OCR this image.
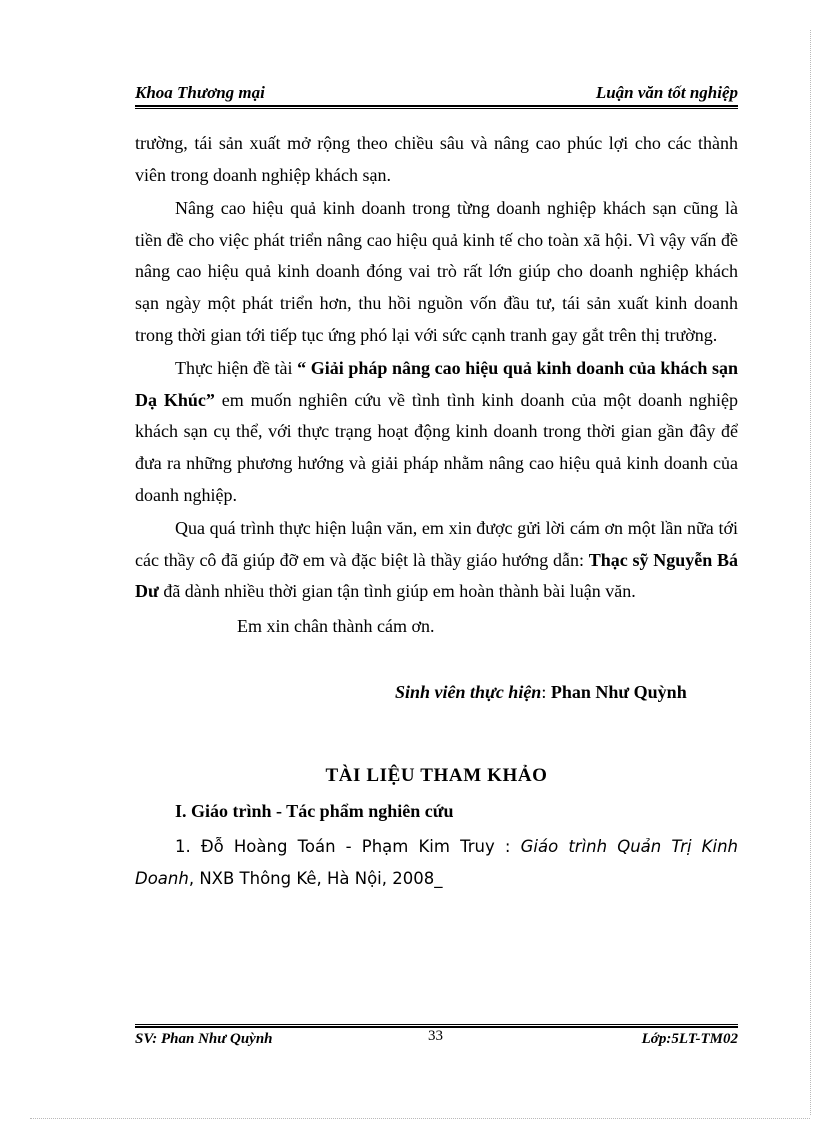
Khoa Thương mại	Luận văn tốt nghiệp

trường, tái sản xuất mở rộng theo chiều sâu và nâng cao phúc lợi cho các thành viên trong doanh nghiệp khách sạn.

Nâng cao hiệu quả kinh doanh trong từng doanh nghiệp khách sạn cũng là tiền đề cho việc phát triển nâng cao hiệu quả kinh tế cho toàn xã hội. Vì vậy vấn đề nâng cao hiệu quả kinh doanh đóng vai trò rất lớn giúp cho doanh nghiệp khách sạn ngày một phát triển hơn, thu hồi nguồn vốn đầu tư, tái sản xuất kinh doanh trong thời gian tới tiếp tục ứng phó lại với sức cạnh tranh gay gắt trên thị trường.

Thực hiện đề tài “ Giải pháp nâng cao hiệu quả kinh doanh của khách sạn Dạ Khúc” em muốn nghiên cứu về tình tình kinh doanh của một doanh nghiệp khách sạn cụ thể, với thực trạng hoạt động kinh doanh trong thời gian gần đây để đưa ra những phương hướng và giải pháp nhằm nâng cao hiệu quả kinh doanh của doanh nghiệp.

Qua quá trình thực hiện luận văn, em xin được gửi lời cám ơn một lần nữa tới các thầy cô đã giúp đỡ em và đặc biệt là thầy giáo hướng dẫn: Thạc sỹ Nguyễn Bá Dư đã dành nhiều thời gian tận tình giúp em hoàn thành bài luận văn.

Em xin chân thành cám ơn.

Sinh viên thực hiện: Phan Như Quỳnh

TÀI LIỆU THAM KHẢO

I. Giáo trình - Tác phẩm nghiên cứu

1. Đỗ Hoàng Toán - Phạm Kim Truy : Giáo trình Quản Trị Kinh Doanh, NXB Thông Kê, Hà Nội, 2008_

SV: Phan Như Quỳnh	33	Lớp:5LT-TM02
